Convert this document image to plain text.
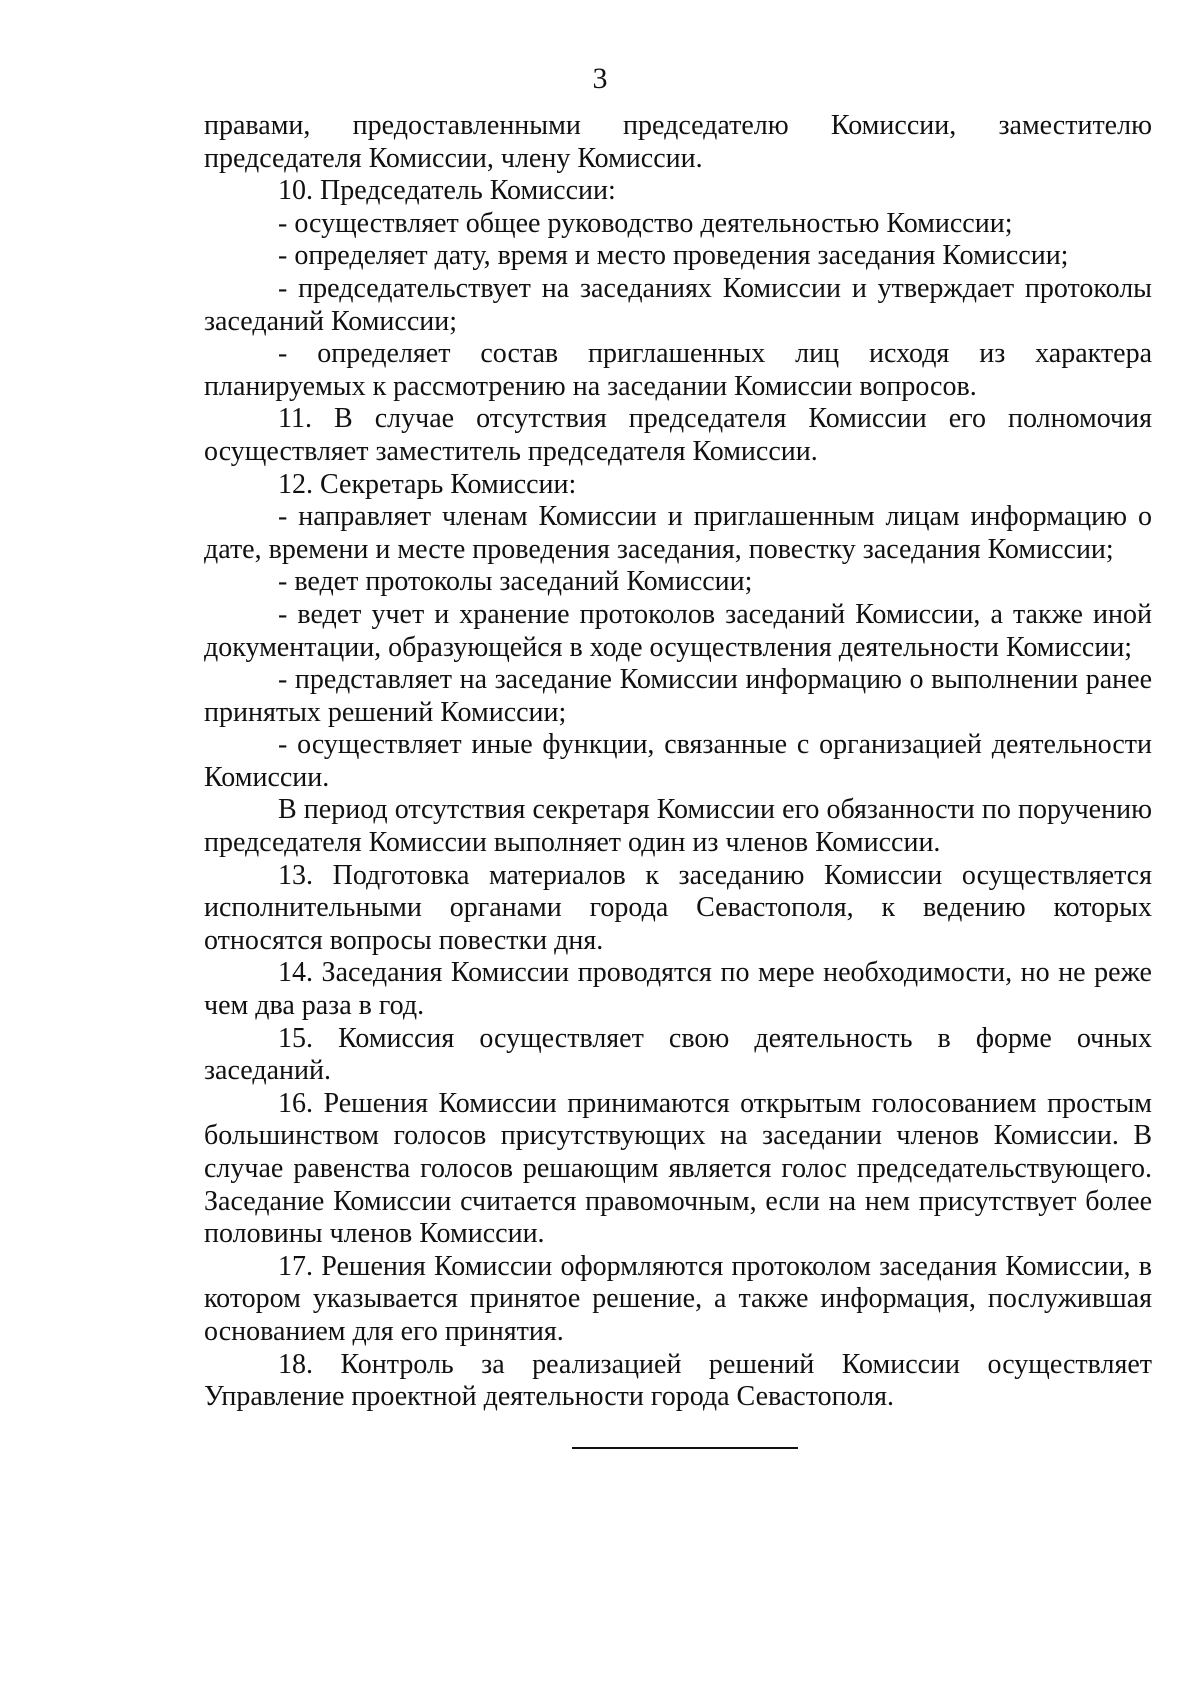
3

правами, предоставленными председателю Комиссии, заместителю председателя Комиссии, члену Комиссии.

10. Председатель Комиссии:

- осуществляет общее руководство деятельностью Комиссии;

- определяет дату, время и место проведения заседания Комиссии;

- председательствует на заседаниях Комиссии и утверждает протоколы заседаний Комиссии;

- определяет состав приглашенных лиц исходя из характера планируемых к рассмотрению на заседании Комиссии вопросов.

11. В случае отсутствия председателя Комиссии его полномочия осуществляет заместитель председателя Комиссии.

12. Секретарь Комиссии:

- направляет членам Комиссии и приглашенным лицам информацию о дате, времени и месте проведения заседания, повестку заседания Комиссии;

- ведет протоколы заседаний Комиссии;

- ведет учет и хранение протоколов заседаний Комиссии, а также иной документации, образующейся в ходе осуществления деятельности Комиссии;

- представляет на заседание Комиссии информацию о выполнении ранее принятых решений Комиссии;

- осуществляет иные функции, связанные с организацией деятельности Комиссии.

В период отсутствия секретаря Комиссии его обязанности по поручению председателя Комиссии выполняет один из членов Комиссии.

13. Подготовка материалов к заседанию Комиссии осуществляется исполнительными органами города Севастополя, к ведению которых относятся вопросы повестки дня.

14. Заседания Комиссии проводятся по мере необходимости, но не реже чем два раза в год.

15. Комиссия осуществляет свою деятельность в форме очных заседаний.

16. Решения Комиссии принимаются открытым голосованием простым большинством голосов присутствующих на заседании членов Комиссии. В случае равенства голосов решающим является голос председательствующего. Заседание Комиссии считается правомочным, если на нем присутствует более половины членов Комиссии.

17. Решения Комиссии оформляются протоколом заседания Комиссии, в котором указывается принятое решение, а также информация, послужившая основанием для его принятия.

18. Контроль за реализацией решений Комиссии осуществляет Управление проектной деятельности города Севастополя.
